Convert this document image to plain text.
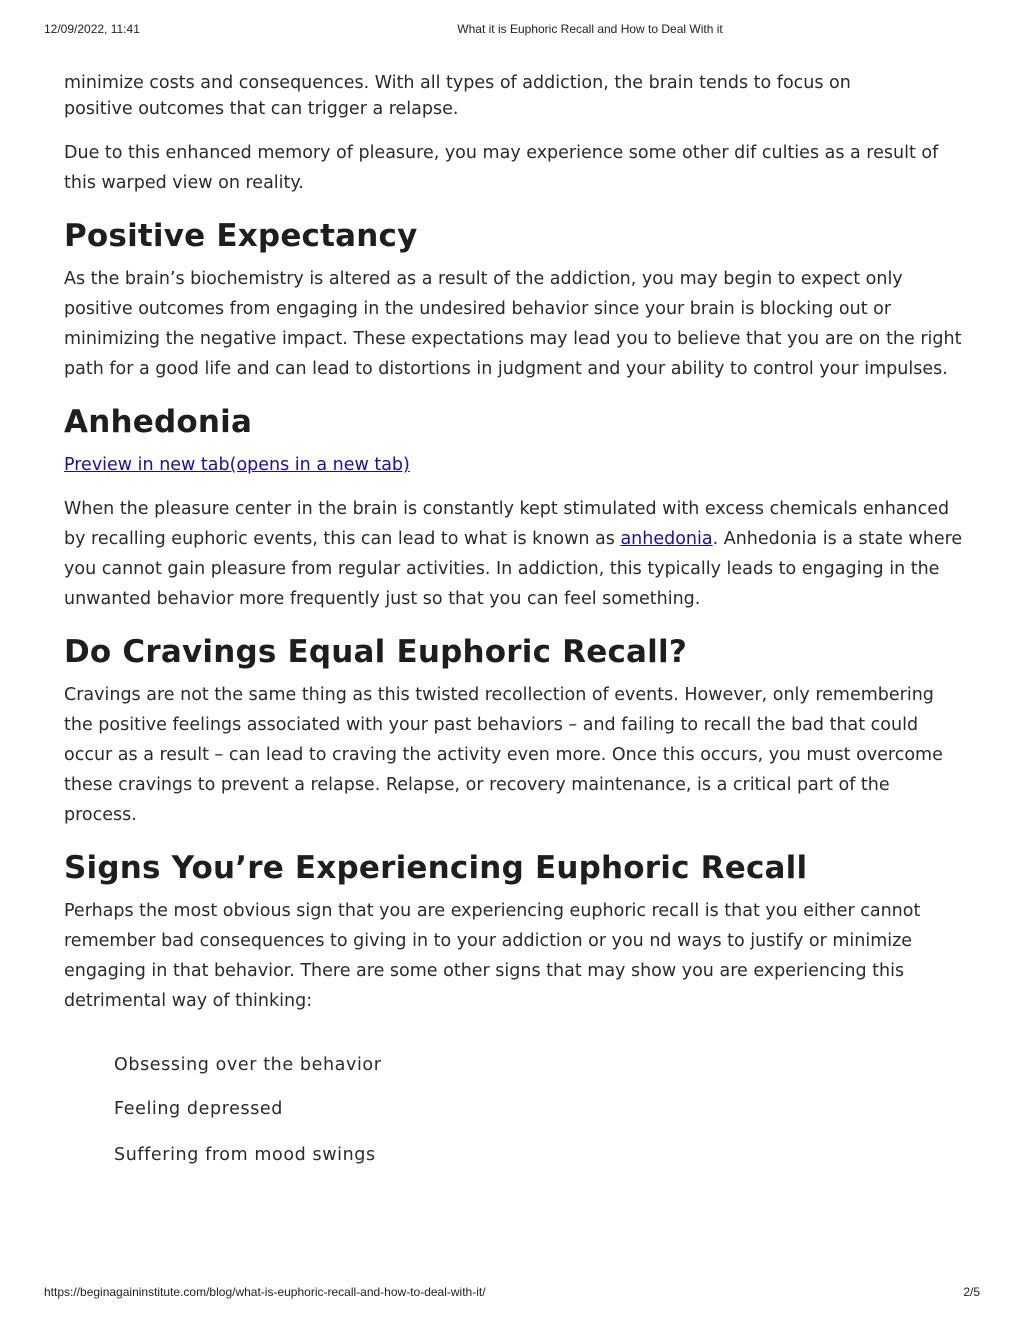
12/09/2022, 11:41	What it is Euphoric Recall and How to Deal With it
minimize costs and consequences. With all types of addiction, the brain tends to focus on

positive outcomes that can trigger a relapse.

Due to this enhanced memory of pleasure, you may experience some other dif culties as a result of this warped view on reality.

Positive Expectancy

As the brain’s biochemistry is altered as a result of the addiction, you may begin to expect only positive outcomes from engaging in the undesired behavior since your brain is blocking out or minimizing the negative impact. These expectations may lead you to believe that you are on the right path for a good life and can lead to distortions in judgment and your ability to control your impulses.

Anhedonia
Preview in new tab(opens in a new tab)

When the pleasure center in the brain is constantly kept stimulated with excess chemicals enhanced by recalling euphoric events, this can lead to what is known as anhedonia. Anhedonia is a state where you cannot gain pleasure from regular activities. In addiction, this typically leads to engaging in the unwanted behavior more frequently just so that you can feel something.

Do Cravings Equal Euphoric Recall?

Cravings are not the same thing as this twisted recollection of events. However, only remembering the positive feelings associated with your past behaviors – and failing to recall the bad that could occur as a result – can lead to craving the activity even more. Once this occurs, you must overcome these cravings to prevent a relapse. Relapse, or recovery maintenance, is a critical part of the process.

Signs You’re Experiencing Euphoric Recall

Perhaps the most obvious sign that you are experiencing euphoric recall is that you either cannot remember bad consequences to giving in to your addiction or you nd ways to justify or minimize engaging in that behavior. There are some other signs that may show you are experiencing this detrimental way of thinking:

Obsessing over the behavior
Feeling depressed
Suffering from mood swings
https://beginagaininstitute.com/blog/what-is-euphoric-recall-and-how-to-deal-with-it/	2/5
